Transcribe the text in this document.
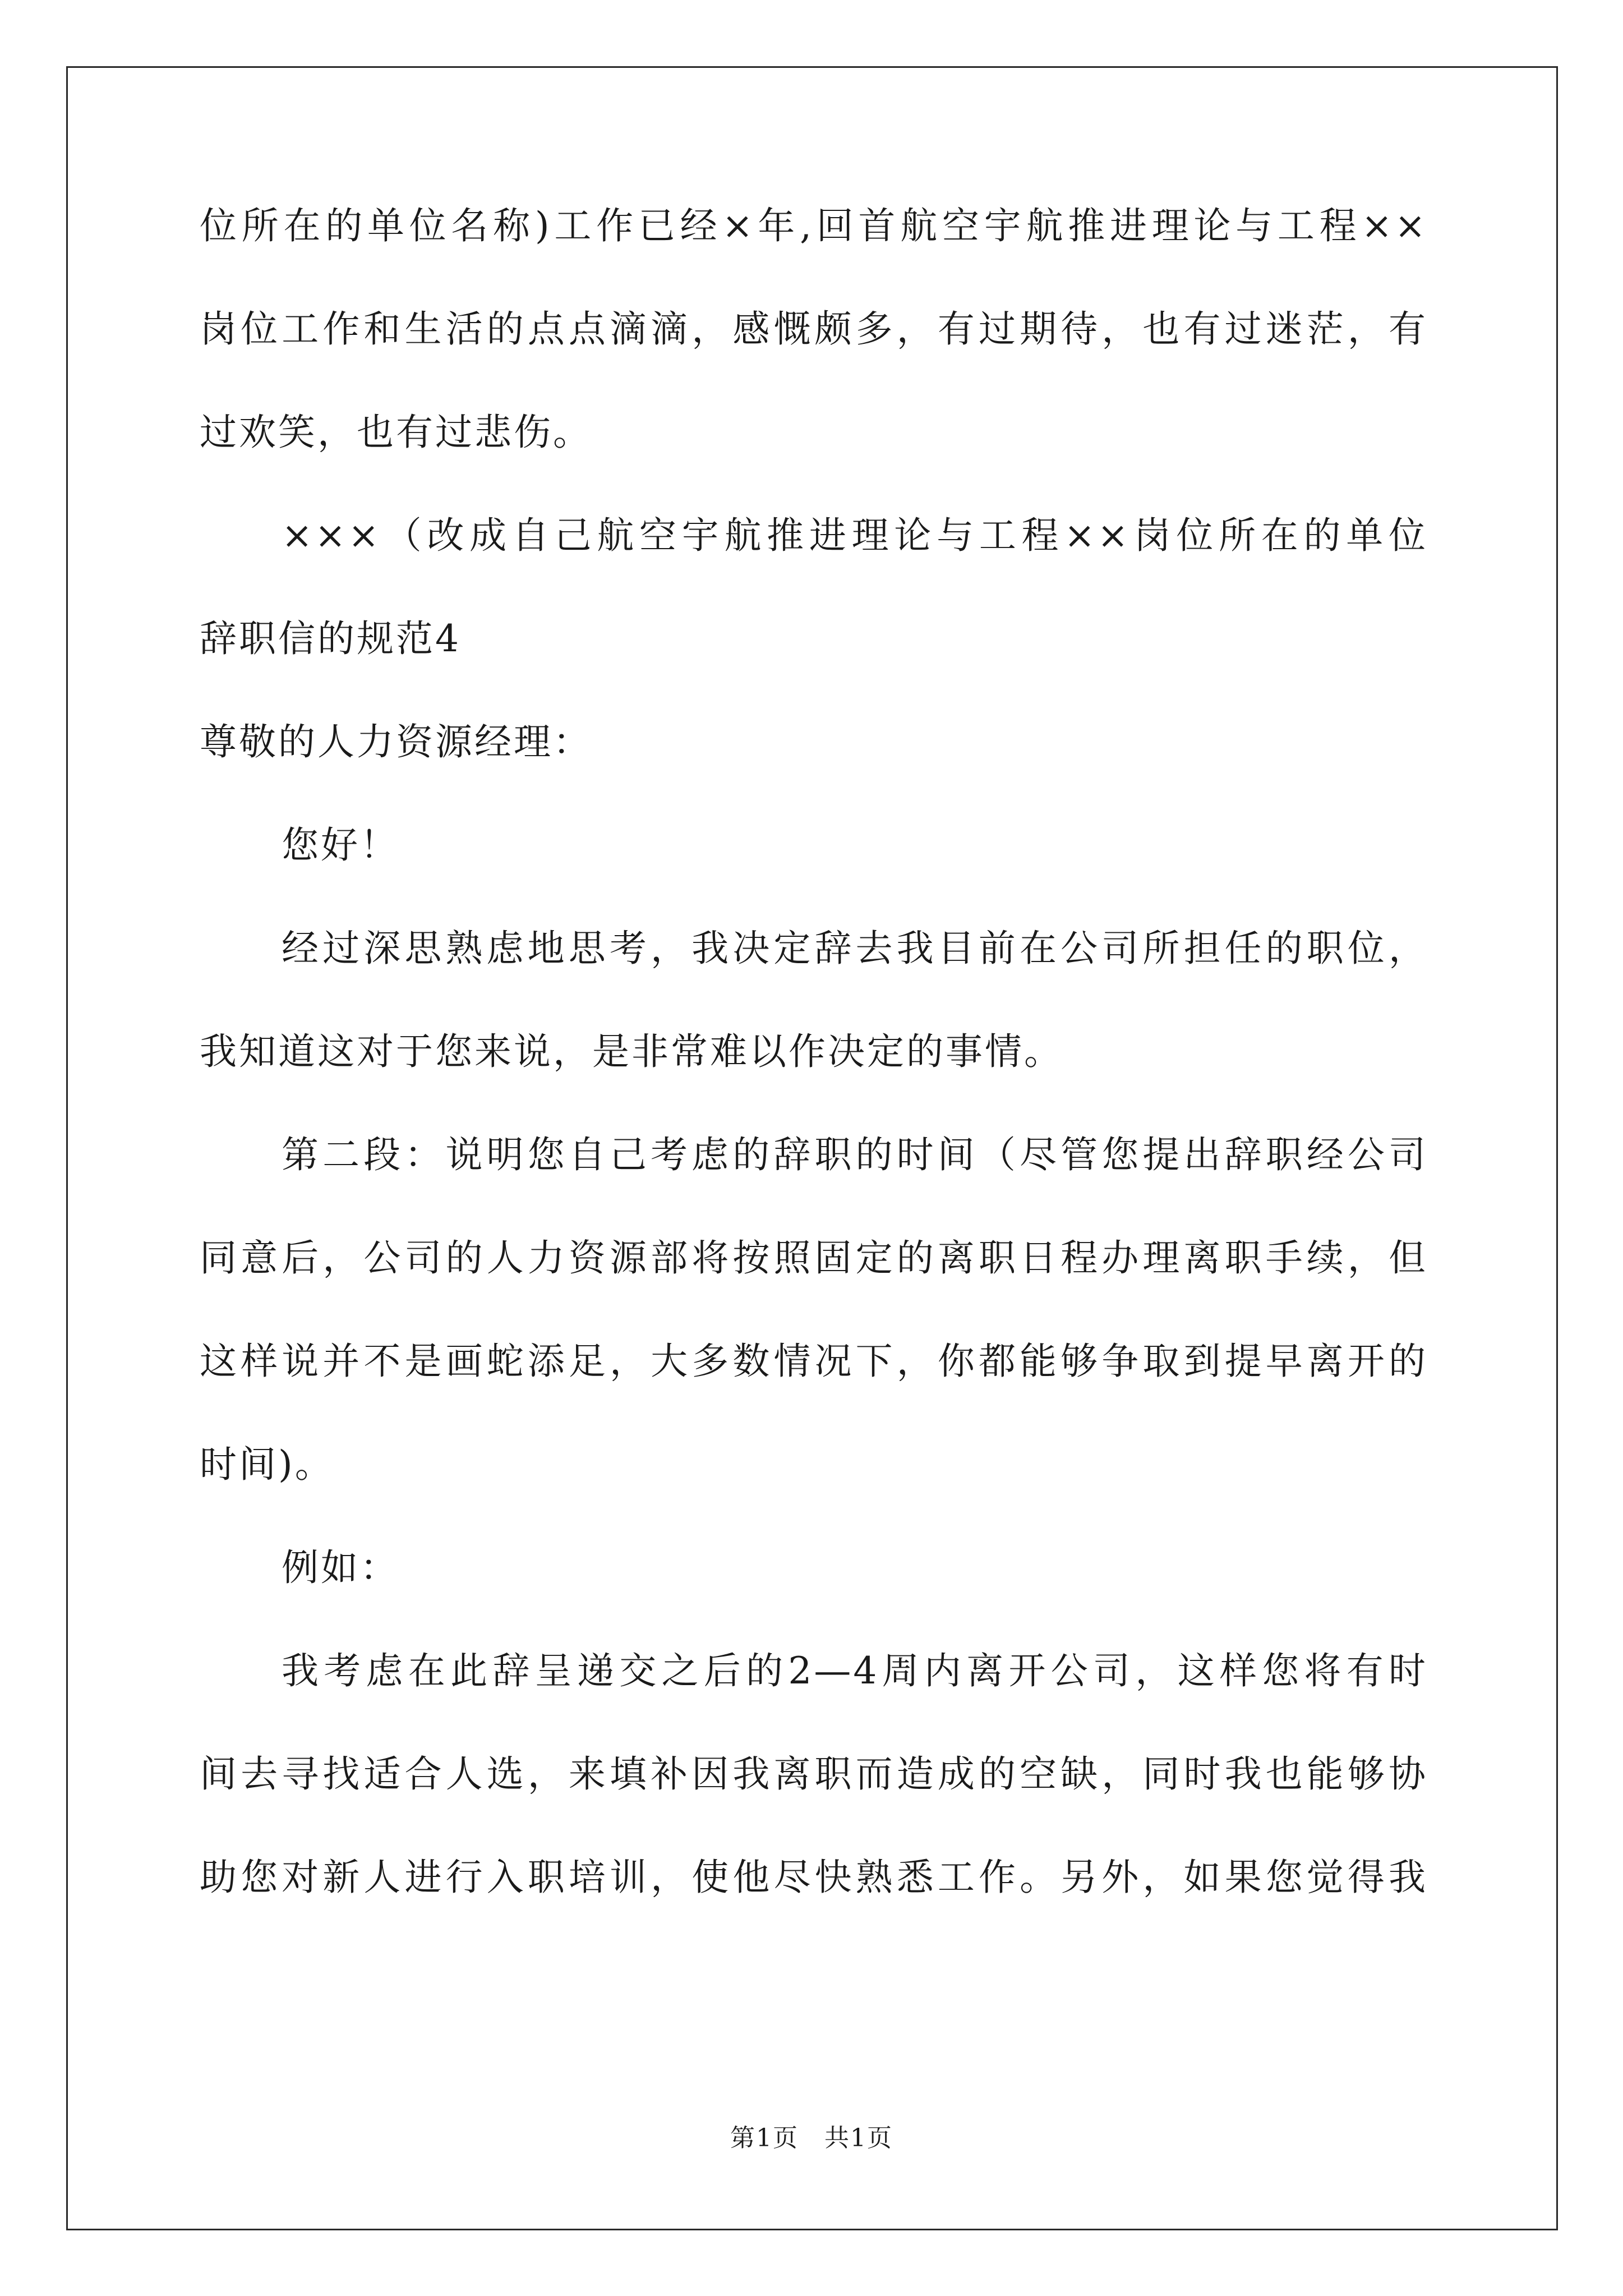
位所在的单位名称)工作已经×年,回首航空宇航推进理论与工程××
岗位工作和生活的点点滴滴，感慨颇多，有过期待，也有过迷茫，有
过欢笑，也有过悲伤。
×××（改成自己航空宇航推进理论与工程××岗位所在的单位
辞职信的规范4
尊敬的人力资源经理：
您好！
经过深思熟虑地思考，我决定辞去我目前在公司所担任的职位，
我知道这对于您来说，是非常难以作决定的事情。
第二段：说明您自己考虑的辞职的时间（尽管您提出辞职经公司
同意后，公司的人力资源部将按照固定的离职日程办理离职手续，但
这样说并不是画蛇添足，大多数情况下，你都能够争取到提早离开的
时间)。
例如：
我考虑在此辞呈递交之后的2—4周内离开公司，这样您将有时
间去寻找适合人选，来填补因我离职而造成的空缺，同时我也能够协
助您对新人进行入职培训，使他尽快熟悉工作。另外，如果您觉得我
第1页　共1页
